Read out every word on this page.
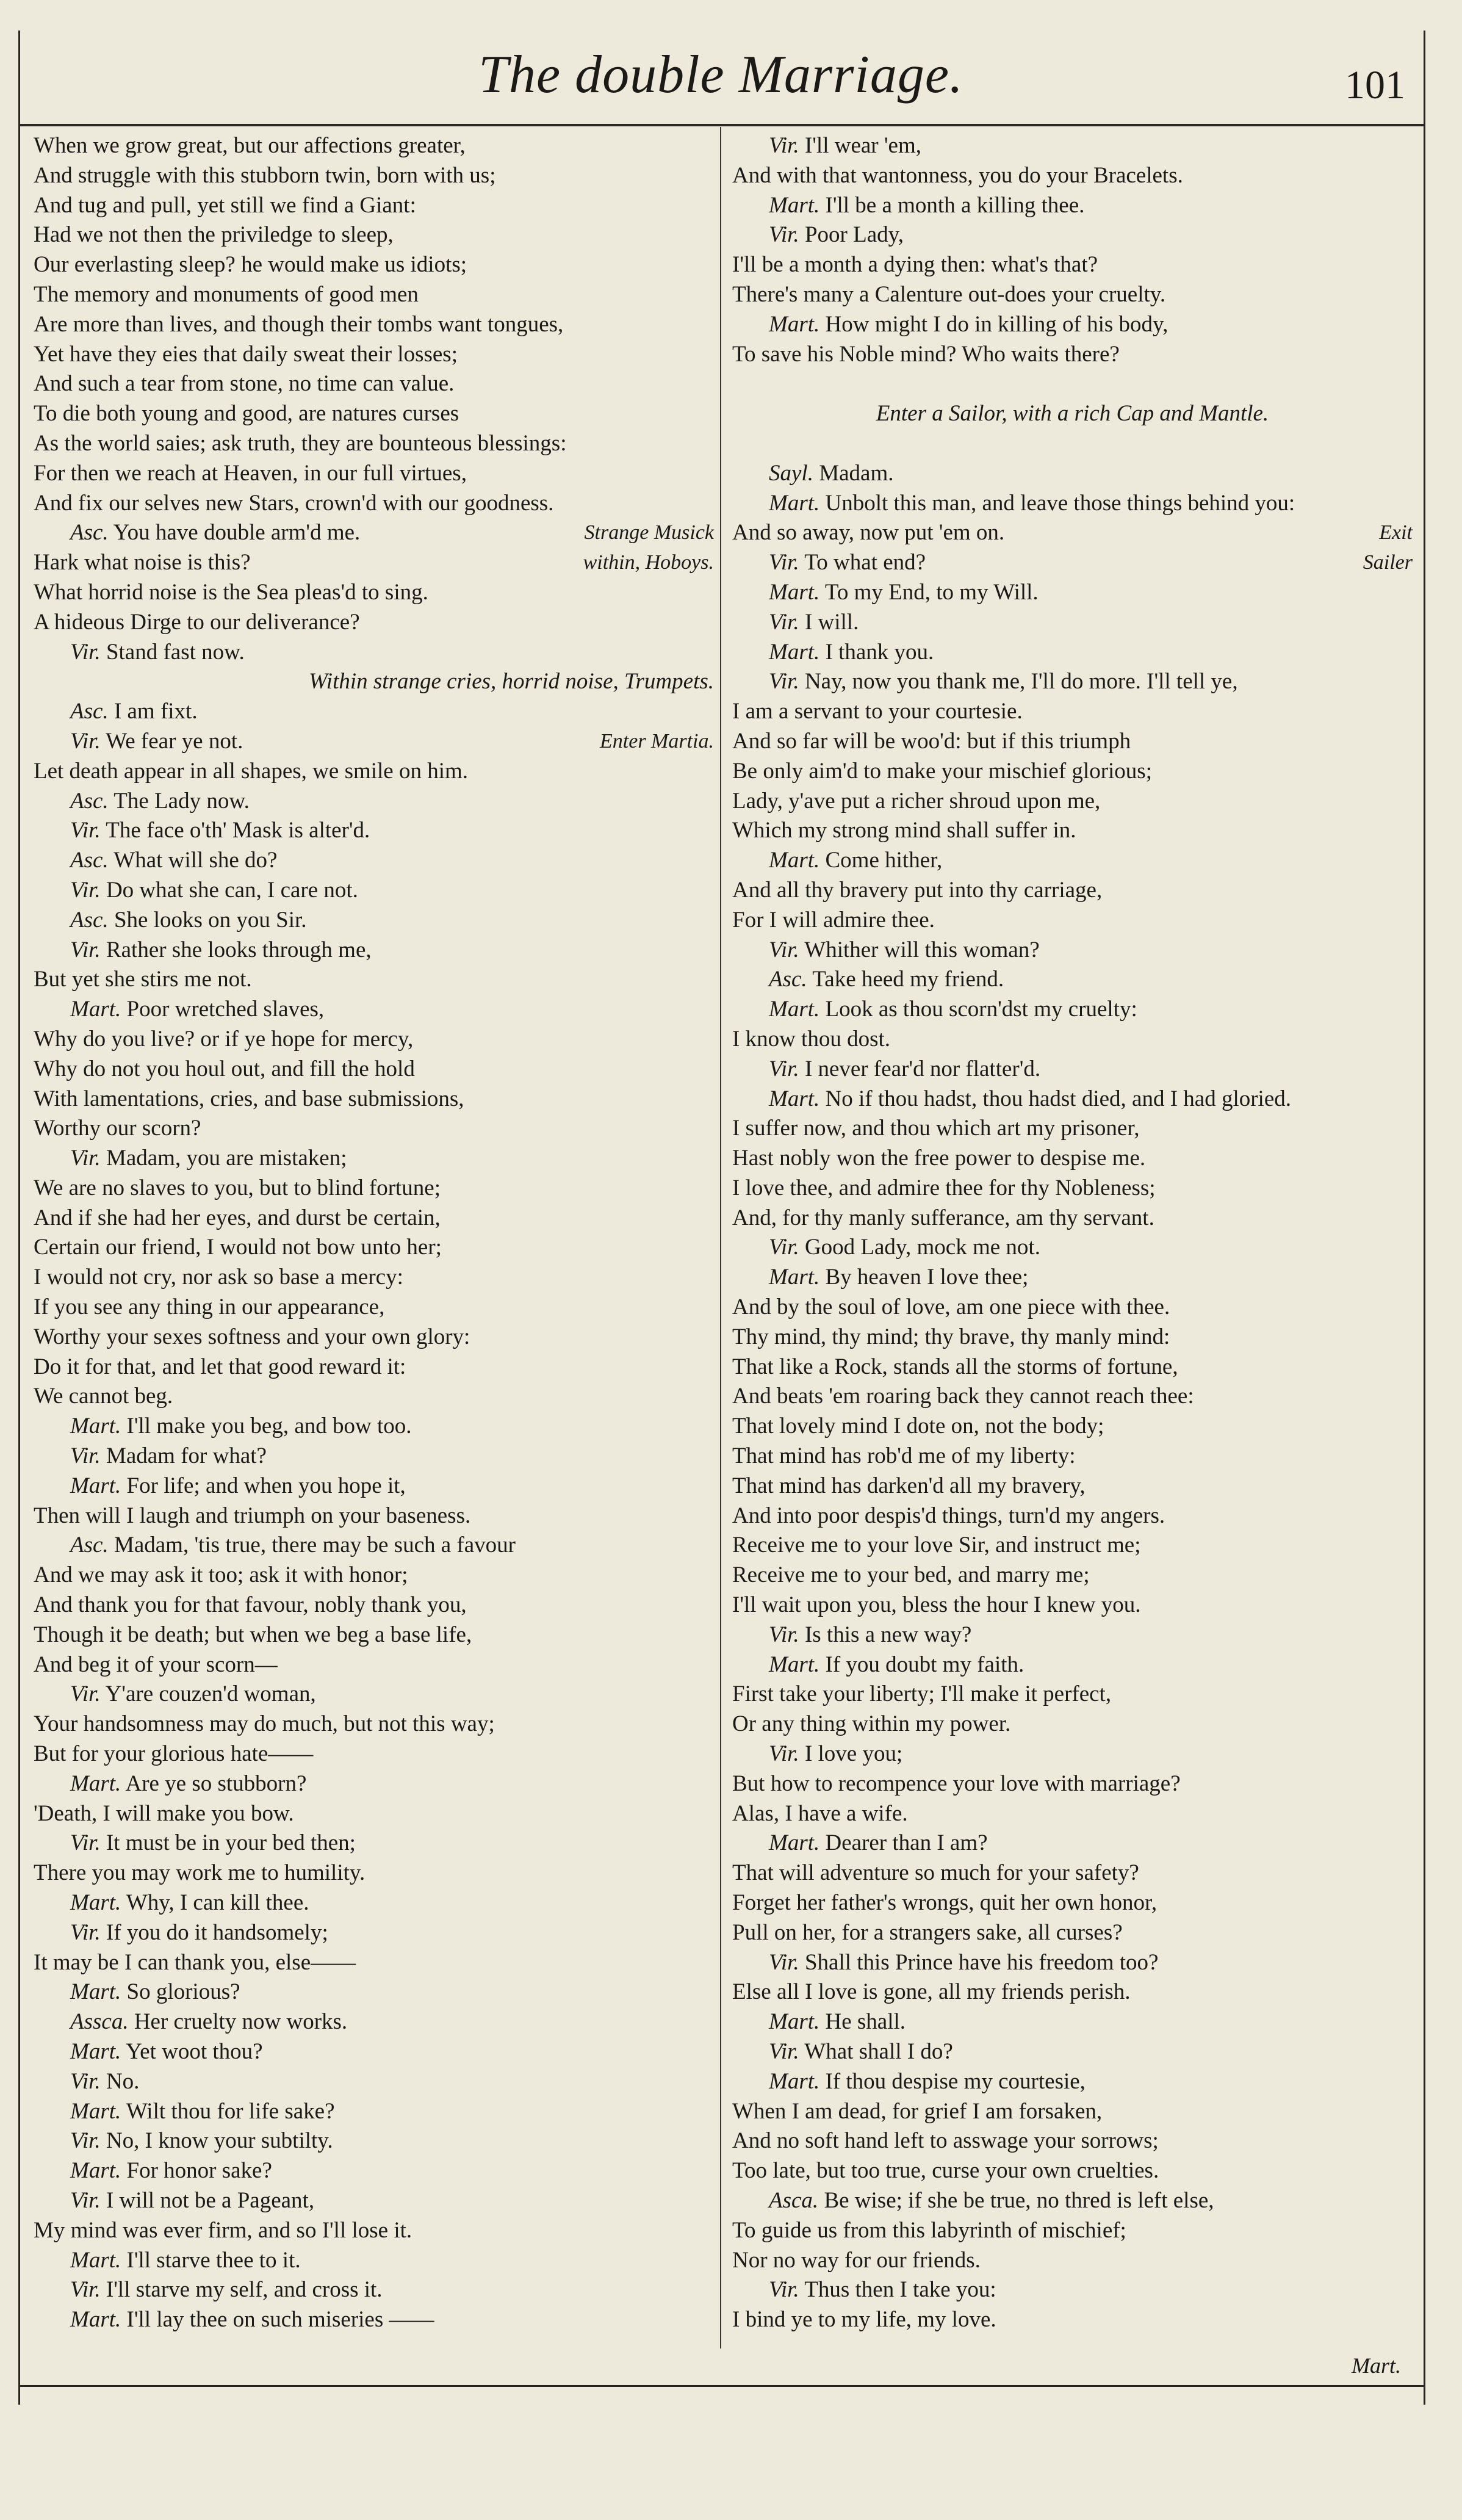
The double Marriage.	101
When we grow great, but our affections greater,
And struggle with this stubborn twin, born with us;
And tug and pull, yet still we find a Giant:
Had we not then the priviledge to sleep,
Our everlasting sleep? he would make us idiots;
The memory and monuments of good men
Are more than lives, and though their tombs want tongues,
Yet have they eies that daily sweat their losses;
And such a tear from stone, no time can value.
To die both young and good, are natures curses
As the world saies; ask truth, they are bounteous blessings:
For then we reach at Heaven, in our full virtues,
And fix our selves new Stars, crown'd with our goodness.
Asc. You have double arm'd me.	Strange Musick
Hark what noise is this?	within, Hoboys.
What horrid noise is the Sea pleas'd to sing.
A hideous Dirge to our deliverance?
Vir. Stand fast now.
Within strange cries, horrid noise, Trumpets.
Asc. I am fixt.
Vir. We fear ye not.	Enter Martia.
Let death appear in all shapes, we smile on him.
Asc. The Lady now.
Vir. The face o'th' Mask is alter'd.
Asc. What will she do?
Vir. Do what she can, I care not.
Asc. She looks on you Sir.
Vir. Rather she looks through me,
But yet she stirs me not.
Mart. Poor wretched slaves,
Why do you live? or if ye hope for mercy,
Why do not you houl out, and fill the hold
With lamentations, cries, and base submissions,
Worthy our scorn?
Vir. Madam, you are mistaken;
We are no slaves to you, but to blind fortune;
And if she had her eyes, and durst be certain,
Certain our friend, I would not bow unto her;
I would not cry, nor ask so base a mercy:
If you see any thing in our appearance,
Worthy your sexes softness and your own glory:
Do it for that, and let that good reward it:
We cannot beg.
Mart. I'll make you beg, and bow too.
Vir. Madam for what?
Mart. For life; and when you hope it,
Then will I laugh and triumph on your baseness.
Asc. Madam, 'tis true, there may be such a favour
And we may ask it too; ask it with honor;
And thank you for that favour, nobly thank you,
Though it be death; but when we beg a base life,
And beg it of your scorn—
Vir. Y'are couzen'd woman,
Your handsomness may do much, but not this way;
But for your glorious hate——
Mart. Are ye so stubborn?
'Death, I will make you bow.
Vir. It must be in your bed then;
There you may work me to humility.
Mart. Why, I can kill thee.
Vir. If you do it handsomely;
It may be I can thank you, else——
Mart. So glorious?
Assca. Her cruelty now works.
Mart. Yet woot thou?
Vir. No.
Mart. Wilt thou for life sake?
Vir. No, I know your subtilty.
Mart. For honor sake?
Vir. I will not be a Pageant,
My mind was ever firm, and so I'll lose it.
Mart. I'll starve thee to it.
Vir. I'll starve my self, and cross it.
Mart. I'll lay thee on such miseries ——
Vir. I'll wear 'em,
And with that wantonness, you do your Bracelets.
Mart. I'll be a month a killing thee.
Vir. Poor Lady,
I'll be a month a dying then: what's that?
There's many a Calenture out-does your cruelty.
Mart. How might I do in killing of his body,
To save his Noble mind? Who waits there?
Enter a Sailor, with a rich Cap and Mantle.
Sayl. Madam.
Mart. Unbolt this man, and leave those things behind you:
And so away, now put 'em on.	Exit
Vir. To what end?	Sailer
Mart. To my End, to my Will.
Vir. I will.
Mart. I thank you.
Vir. Nay, now you thank me, I'll do more. I'll tell ye,
I am a servant to your courtesie.
And so far will be woo'd: but if this triumph
Be only aim'd to make your mischief glorious;
Lady, y'ave put a richer shroud upon me,
Which my strong mind shall suffer in.
Mart. Come hither,
And all thy bravery put into thy carriage,
For I will admire thee.
Vir. Whither will this woman?
Asc. Take heed my friend.
Mart. Look as thou scorn'dst my cruelty:
I know thou dost.
Vir. I never fear'd nor flatter'd.
Mart. No if thou hadst, thou hadst died, and I had gloried.
I suffer now, and thou which art my prisoner,
Hast nobly won the free power to despise me.
I love thee, and admire thee for thy Nobleness;
And, for thy manly sufferance, am thy servant.
Vir. Good Lady, mock me not.
Mart. By heaven I love thee;
And by the soul of love, am one piece with thee.
Thy mind, thy mind; thy brave, thy manly mind:
That like a Rock, stands all the storms of fortune,
And beats 'em roaring back they cannot reach thee:
That lovely mind I dote on, not the body;
That mind has rob'd me of my liberty:
That mind has darken'd all my bravery,
And into poor despis'd things, turn'd my angers.
Receive me to your love Sir, and instruct me;
Receive me to your bed, and marry me;
I'll wait upon you, bless the hour I knew you.
Vir. Is this a new way?
Mart. If you doubt my faith.
First take your liberty; I'll make it perfect,
Or any thing within my power.
Vir. I love you;
But how to recompence your love with marriage?
Alas, I have a wife.
Mart. Dearer than I am?
That will adventure so much for your safety?
Forget her father's wrongs, quit her own honor,
Pull on her, for a strangers sake, all curses?
Vir. Shall this Prince have his freedom too?
Else all I love is gone, all my friends perish.
Mart. He shall.
Vir. What shall I do?
Mart. If thou despise my courtesie,
When I am dead, for grief I am forsaken,
And no soft hand left to asswage your sorrows;
Too late, but too true, curse your own cruelties.
Asca. Be wise; if she be true, no thred is left else,
To guide us from this labyrinth of mischief;
Nor no way for our friends.
Vir. Thus then I take you:
I bind ye to my life, my love.
Mart.
